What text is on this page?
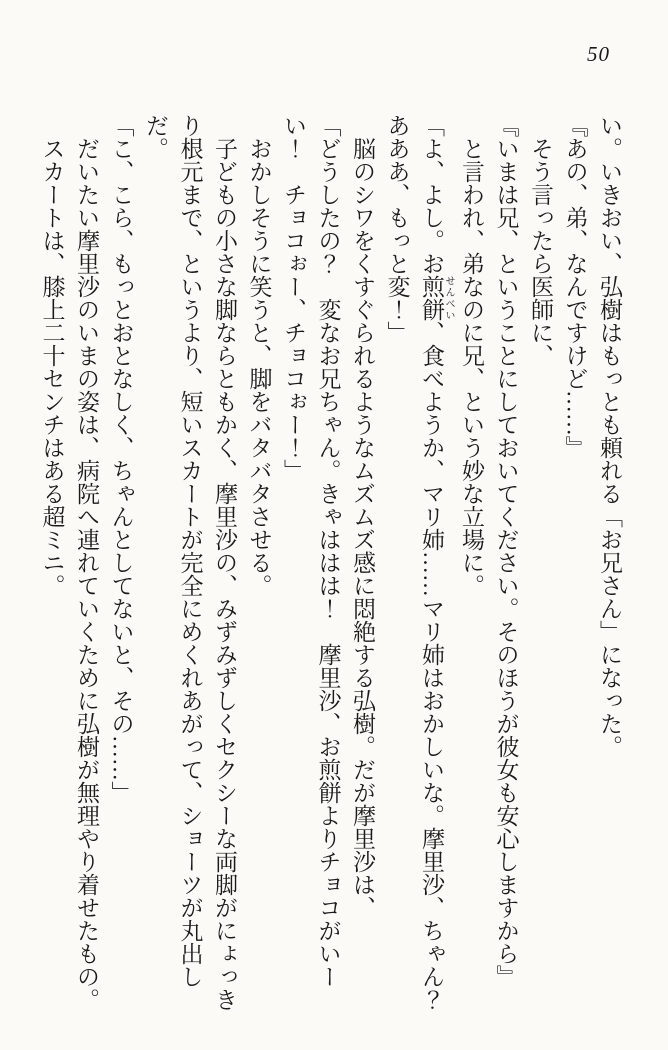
50

い。いきおい、弘樹はもっとも頼れる「お兄さん」になった。

『あの、弟、なんですけど……』

　そう言ったら医師に、

『いまは兄、ということにしておいてください。そのほうが彼女も安心しますから』

　と言われ、弟なのに兄、という妙な立場に。

「よ、よし。お煎餅 せんべい、食べようか、マリ姉……マリ姉はおかしいな。摩里沙、ちゃん？　あああ、もっと変！」

　脳のシワをくすぐられるようなムズムズ感に悶絶する弘樹。だが摩里沙は、

「どうしたの？　変なお兄ちゃん。きゃははは！　摩里沙、お煎餅よりチョコがいーい！　チョコぉー、チョコぉー！」

　おかしそうに笑うと、脚をバタバタさせる。

　子どもの小さな脚ならともかく、摩里沙の、みずみずしくセクシーな両脚がにょっきり根元まで、というより、短いスカートが完全にめくれあがって、ショーツが丸出しだ。

「こ、こら、もっとおとなしく、ちゃんとしてないと、その……」

　だいたい摩里沙のいまの姿は、病院へ連れていくために弘樹が無理やり着せたもの。

　スカートは、膝上二十センチはある超ミニ。
